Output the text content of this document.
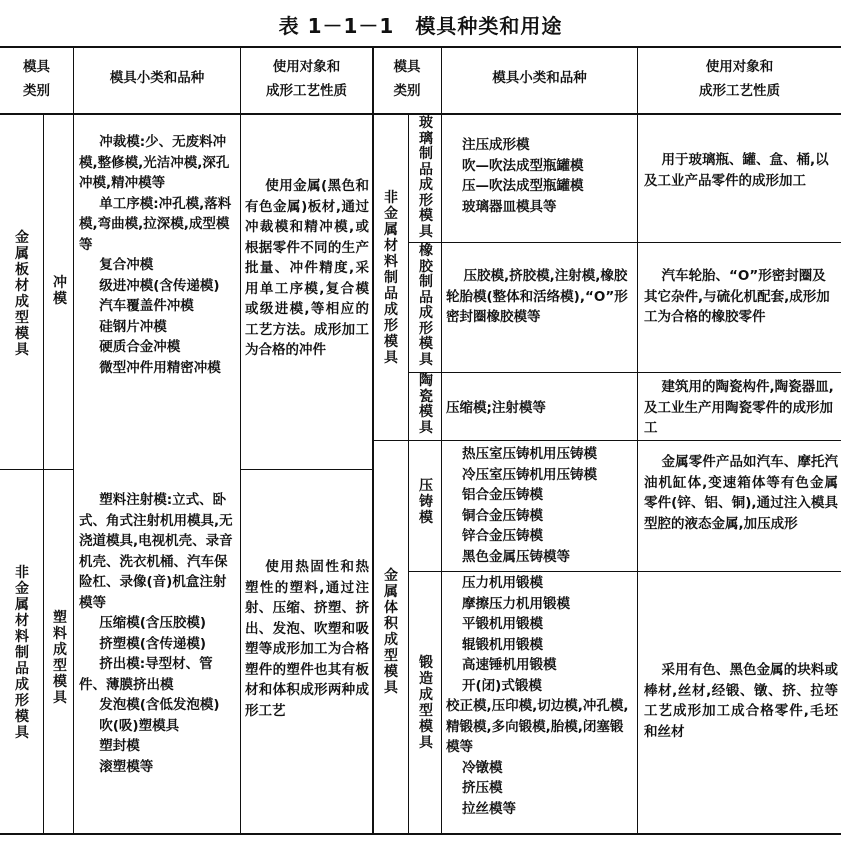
表 1－1－1　模具种类和用途
模具
类别
模具小类和品种
使用对象和
成形工艺性质
模具
类别
模具小类和品种
使用对象和
成形工艺性质
金
属
板
材
成
型
模
具
冲
模
冲裁模:少、无废料冲模,整修模,光洁冲模,深孔冲模,精冲模等
单工序模:冲孔模,落料模,弯曲模,拉深模,成型模等
复合冲模
级进冲模(含传递模)
汽车覆盖件冲模
硅钢片冲模
硬质合金冲模
微型冲件用精密冲模
使用金属(黑色和有色金属)板材,通过冲裁模和精冲模,或根据零件不同的生产批量、冲件精度,采用单工序模,复合模或级进模,等相应的工艺方法。成形加工为合格的冲件
非
金
属
材
料
制
品
成
形
模
具
塑
料
成
型
模
具
塑料注射模:立式、卧式、角式注射机用模具,无浇道模具,电视机壳、录音机壳、洗衣机桶、汽车保险杠、录像(音)机盒注射模等
压缩模(含压胶模)
挤塑模(含传递模)
挤出模:导型材、管件、薄膜挤出模
发泡模(含低发泡模)
吹(吸)塑模具
塑封模
滚塑模等
使用热固性和热塑性的塑料,通过注射、压缩、挤塑、挤出、发泡、吹塑和吸塑等成形加工为合格塑件的塑件也其有板材和体积成形两种成形工艺
非
金
属
材
料
制
品
成
形
模
具
金
属
体
积
成
型
模
具
玻
璃
制
品
成
形
模
具
注压成形模
吹—吹法成型瓶罐模
压—吹法成型瓶罐模
玻璃器皿模具等
用于玻璃瓶、罐、盒、桶,以及工业产品零件的成形加工
橡
胶
制
品
成
形
模
具
压胶模,挤胶模,注射模,橡胶轮胎模(整体和活络模),“O”形密封圈橡胶模等
汽车轮胎、“O”形密封圈及其它杂件,与硫化机配套,成形加工为合格的橡胶零件
陶
瓷
模
具
压缩模;注射模等
建筑用的陶瓷构件,陶瓷器皿,及工业生产用陶瓷零件的成形加工
压
铸
模
热压室压铸机用压铸模
冷压室压铸机用压铸模
铝合金压铸模
铜合金压铸模
锌合金压铸模
黑色金属压铸模等
金属零件产品如汽车、摩托汽油机缸体,变速箱体等有色金属零件(锌、铝、铜),通过注入模具型腔的液态金属,加压成形
锻
造
成
型
模
具
压力机用锻模
摩擦压力机用锻模
平锻机用锻模
辊锻机用锻模
高速锤机用锻模
开(闭)式锻模
校正模,压印模,切边模,冲孔模,精锻模,多向锻模,胎模,闭塞锻模等
冷镦模
挤压模
拉丝模等
采用有色、黑色金属的块料或棒材,丝材,经锻、镦、挤、拉等工艺成形加工成合格零件,毛坯和丝材
